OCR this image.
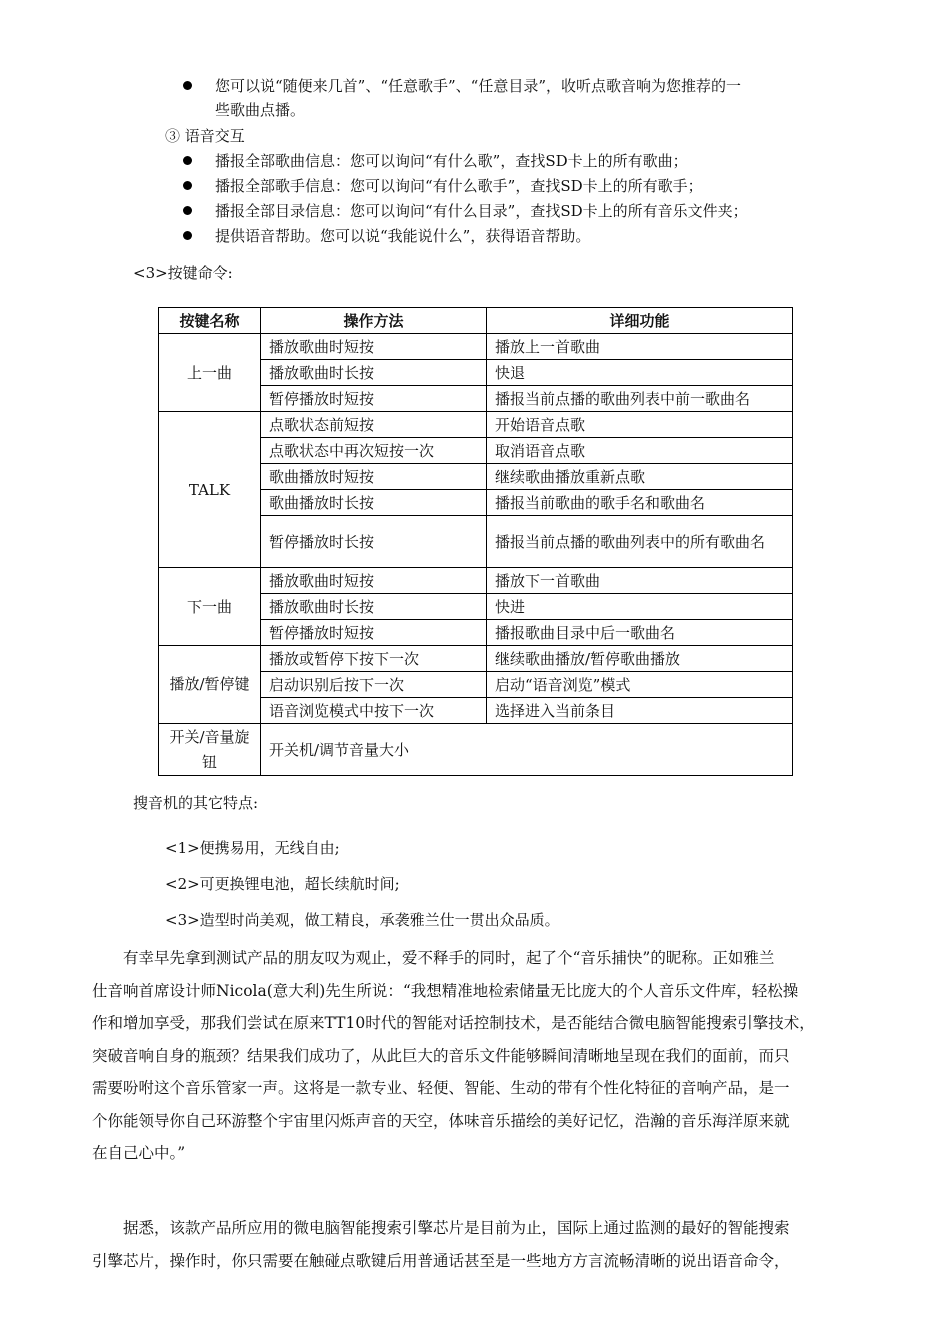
您可以说“随便来几首”、“任意歌手”、“任意目录”，收听点歌音响为您推荐的一
些歌曲点播。
③ 语音交互
播报全部歌曲信息：您可以询问“有什么歌”，查找SD卡上的所有歌曲；
播报全部歌手信息：您可以询问“有什么歌手”，查找SD卡上的所有歌手；
播报全部目录信息：您可以询问“有什么目录”，查找SD卡上的所有音乐文件夹；
提供语音帮助。您可以说“我能说什么”，获得语音帮助。
<3>按键命令:
按键名称	操作方法	详细功能
上一曲	播放歌曲时短按	播放上一首歌曲
	播放歌曲时长按	快退
	暂停播放时短按	播报当前点播的歌曲列表中前一歌曲名
TALK	点歌状态前短按	开始语音点歌
	点歌状态中再次短按一次	取消语音点歌
	歌曲播放时短按	继续歌曲播放重新点歌
	歌曲播放时长按	播报当前歌曲的歌手名和歌曲名
	暂停播放时长按	播报当前点播的歌曲列表中的所有歌曲名
下一曲	播放歌曲时短按	播放下一首歌曲
	播放歌曲时长按	快进
	暂停播放时短按	播报歌曲目录中后一歌曲名
播放/暂停键	播放或暂停下按下一次	继续歌曲播放/暂停歌曲播放
	启动识别后按下一次	启动“语音浏览”模式
	语音浏览模式中按下一次	选择进入当前条目
开关/音量旋钮	开关机/调节音量大小	
搜音机的其它特点:
<1>便携易用，无线自由;
<2>可更换锂电池，超长续航时间;
<3>造型时尚美观，做工精良，承袭雅兰仕一贯出众品质。
有幸早先拿到测试产品的朋友叹为观止，爱不释手的同时，起了个“音乐捕快”的昵称。正如雅兰
仕音响首席设计师Nicola(意大利)先生所说：“我想精准地检索储量无比庞大的个人音乐文件库，轻松操
作和增加享受，那我们尝试在原来TT10时代的智能对话控制技术，是否能结合微电脑智能搜索引擎技术，
突破音响自身的瓶颈？结果我们成功了，从此巨大的音乐文件能够瞬间清晰地呈现在我们的面前，而只
需要吩咐这个音乐管家一声。这将是一款专业、轻便、智能、生动的带有个性化特征的音响产品，是一
个你能领导你自己环游整个宇宙里闪烁声音的天空，体味音乐描绘的美好记忆，浩瀚的音乐海洋原来就
在自己心中。”
据悉，该款产品所应用的微电脑智能搜索引擎芯片是目前为止，国际上通过监测的最好的智能搜索
引擎芯片，操作时，你只需要在触碰点歌键后用普通话甚至是一些地方方言流畅清晰的说出语音命令，
